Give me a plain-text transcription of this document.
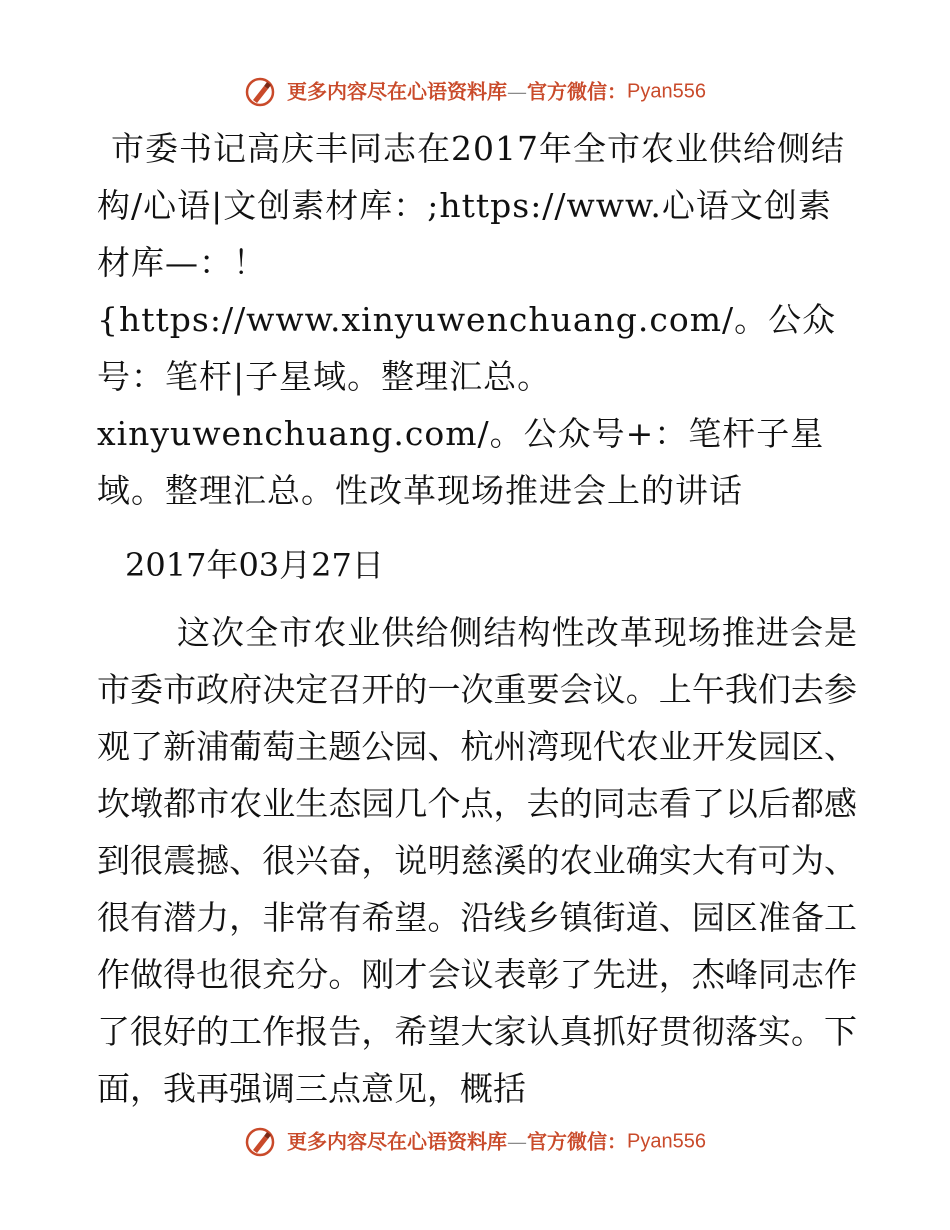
更多内容尽在心语资料库—官方微信：Pyan556

市委书记高庆丰同志在2017年全市农业供给侧结构/心语|文创素材库：;https://www.心语文创素材库—：！{https://www.xinyuwenchuang.com/。公众号：笔杆|子星域。整理汇总。xinyuwenchuang.com/。公众号+：笔杆子星域。整理汇总。性改革现场推进会上的讲话

2017年03月27日

这次全市农业供给侧结构性改革现场推进会是市委市政府决定召开的一次重要会议。上午我们去参观了新浦葡萄主题公园、杭州湾现代农业开发园区、坎墩都市农业生态园几个点，去的同志看了以后都感到很震撼、很兴奋，说明慈溪的农业确实大有可为、很有潜力，非常有希望。沿线乡镇街道、园区准备工作做得也很充分。刚才会议表彰了先进，杰峰同志作了很好的工作报告，希望大家认真抓好贯彻落实。下面，我再强调三点意见，概括

更多内容尽在心语资料库—官方微信：Pyan556
